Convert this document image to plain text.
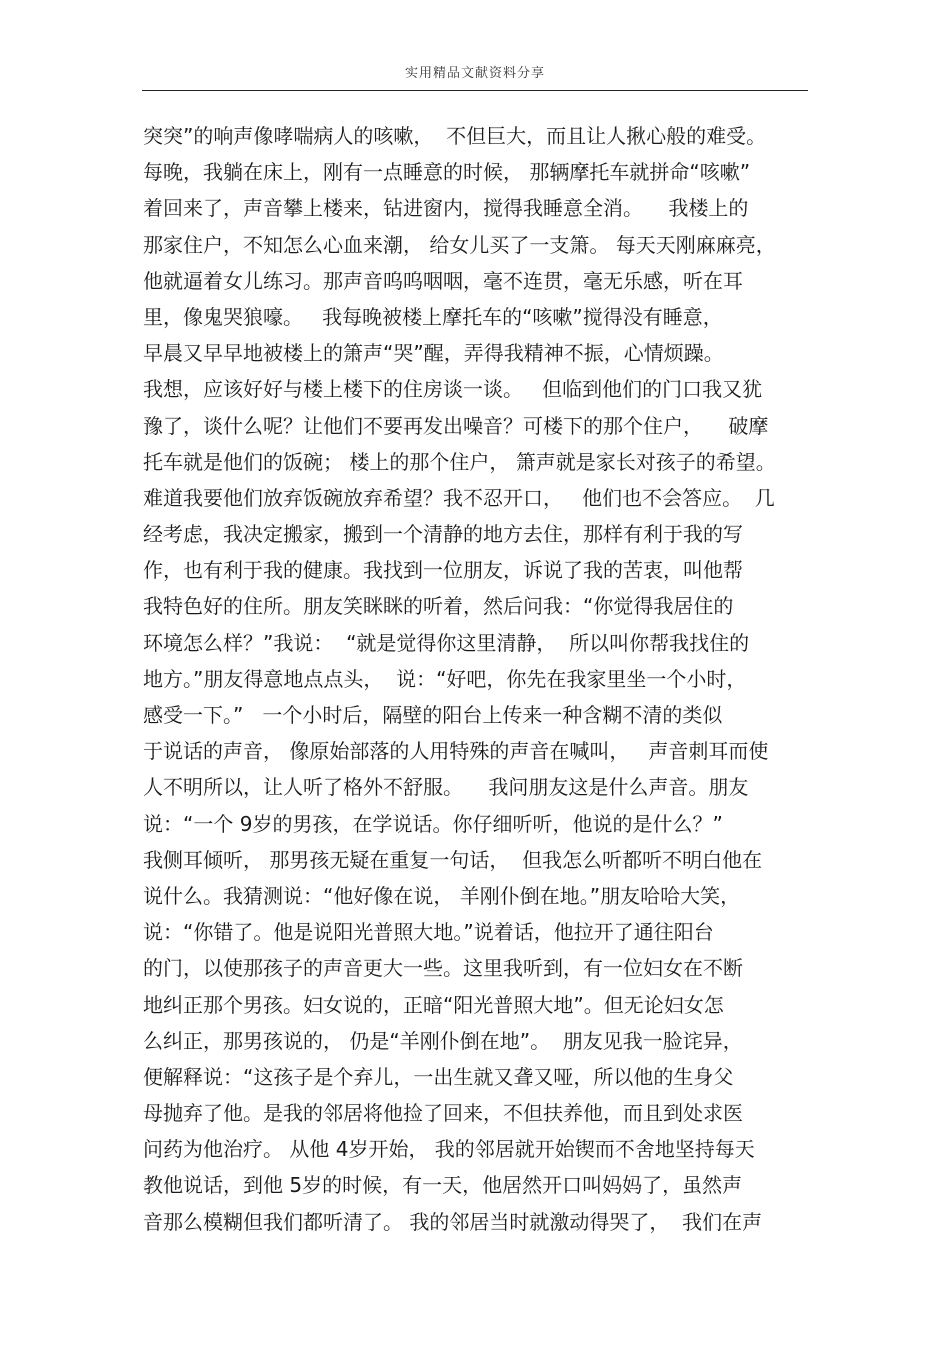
实用精品文献资料分享
突突”的响声像哮喘病人的咳嗽，  不但巨大，而且让人揪心般的难受。
每晚，我躺在床上，刚有一点睡意的时候， 那辆摩托车就拼命“咳嗽”
着回来了，声音攀上楼来，钻进窗内，搅得我睡意全消。    我楼上的
那家住户，不知怎么心血来潮， 给女儿买了一支箫。 每天天刚麻麻亮，
他就逼着女儿练习。那声音呜呜咽咽，毫不连贯，毫无乐感，听在耳
里，像鬼哭狼嚎。   我每晚被楼上摩托车的“咳嗽”搅得没有睡意，
早晨又早早地被楼上的箫声“哭”醒，弄得我精神不振，心情烦躁。
我想，应该好好与楼上楼下的住房谈一谈。   但临到他们的门口我又犹
豫了，谈什么呢？让他们不要再发出噪音？可楼下的那个住户，    破摩
托车就是他们的饭碗； 楼上的那个住户， 箫声就是家长对孩子的希望。
难道我要他们放弃饭碗放弃希望？我不忍开口，   他们也不会答应。  几
经考虑，我决定搬家，搬到一个清静的地方去住，那样有利于我的写
作，也有利于我的健康。我找到一位朋友，诉说了我的苦衷，叫他帮
我特色好的住所。朋友笑眯眯的听着，然后问我：“你觉得我居住的
环境怎么样？”我说：  “就是觉得你这里清静，  所以叫你帮我找住的
地方。”朋友得意地点点头，  说：“好吧，你先在我家里坐一个小时，
感受一下。”   一个小时后，隔壁的阳台上传来一种含糊不清的类似
于说话的声音， 像原始部落的人用特殊的声音在喊叫，   声音刺耳而使
人不明所以，让人听了格外不舒服。    我问朋友这是什么声音。朋友
说：“一个 9岁的男孩，在学说话。你仔细听听，他说的是什么？”
我侧耳倾听， 那男孩无疑在重复一句话，  但我怎么听都听不明白他在
说什么。我猜测说：“他好像在说， 羊刚仆倒在地。”朋友哈哈大笑，
说：“你错了。他是说阳光普照大地。”说着话，他拉开了通往阳台
的门，以使那孩子的声音更大一些。这里我听到，有一位妇女在不断
地纠正那个男孩。妇女说的，正暗“阳光普照大地”。但无论妇女怎
么纠正，那男孩说的， 仍是“羊刚仆倒在地”。  朋友见我一脸诧异，
便解释说：“这孩子是个弃儿，一出生就又聋又哑，所以他的生身父
母抛弃了他。是我的邻居将他捡了回来，不但扶养他，而且到处求医
问药为他治疗。 从他 4岁开始， 我的邻居就开始锲而不舍地坚持每天
教他说话，到他 5岁的时候，有一天，他居然开口叫妈妈了，虽然声
音那么模糊但我们都听清了。 我的邻居当时就激动得哭了，  我们在声
